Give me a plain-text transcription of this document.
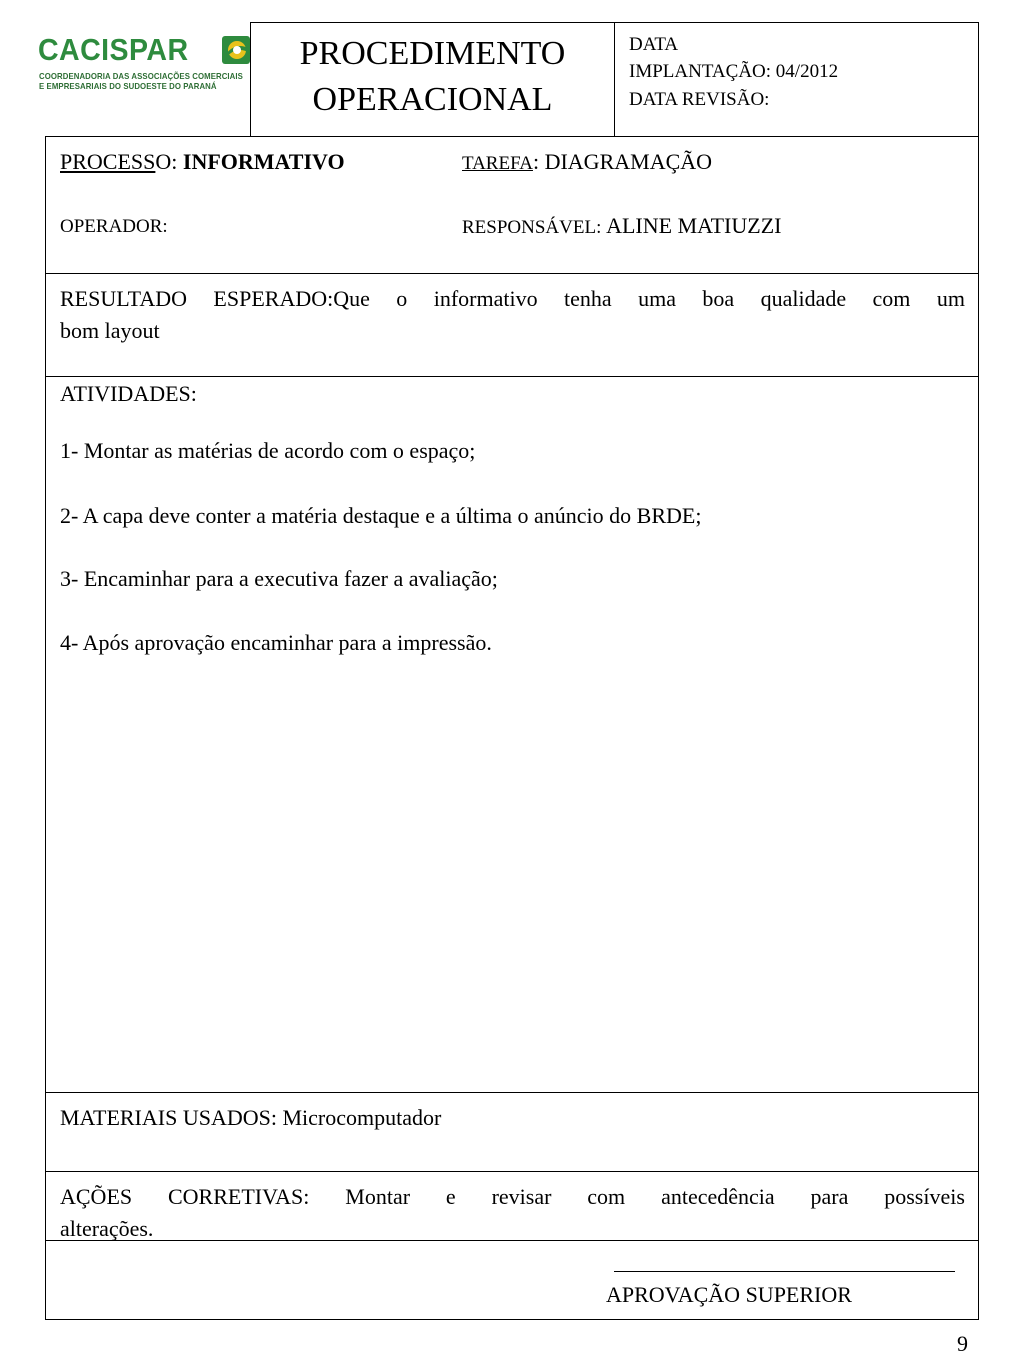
CACISPAR
COORDENADORIA DAS ASSOCIAÇÕES COMERCIAIS
E EMPRESARIAIS DO SUDOESTE DO PARANÁ
PROCEDIMENTO
OPERACIONAL
DATA
IMPLANTAÇÃO: 04/2012
DATA REVISÃO:
PROCESSO: INFORMATIVO	TAREFA: DIAGRAMAÇÃO
OPERADOR:	RESPONSÁVEL: ALINE MATIUZZI
RESULTADO ESPERADO:Que o informativo tenha uma boa qualidade com um
bom layout
ATIVIDADES:
1- Montar as matérias de acordo com o espaço;
2- A capa deve conter a matéria destaque e a última o anúncio do BRDE;
3- Encaminhar para a executiva fazer a avaliação;
4- Após aprovação encaminhar para a impressão.
MATERIAIS USADOS: Microcomputador
AÇÕES CORRETIVAS: Montar e revisar com antecedência para possíveis
alterações.
APROVAÇÃO SUPERIOR
9
